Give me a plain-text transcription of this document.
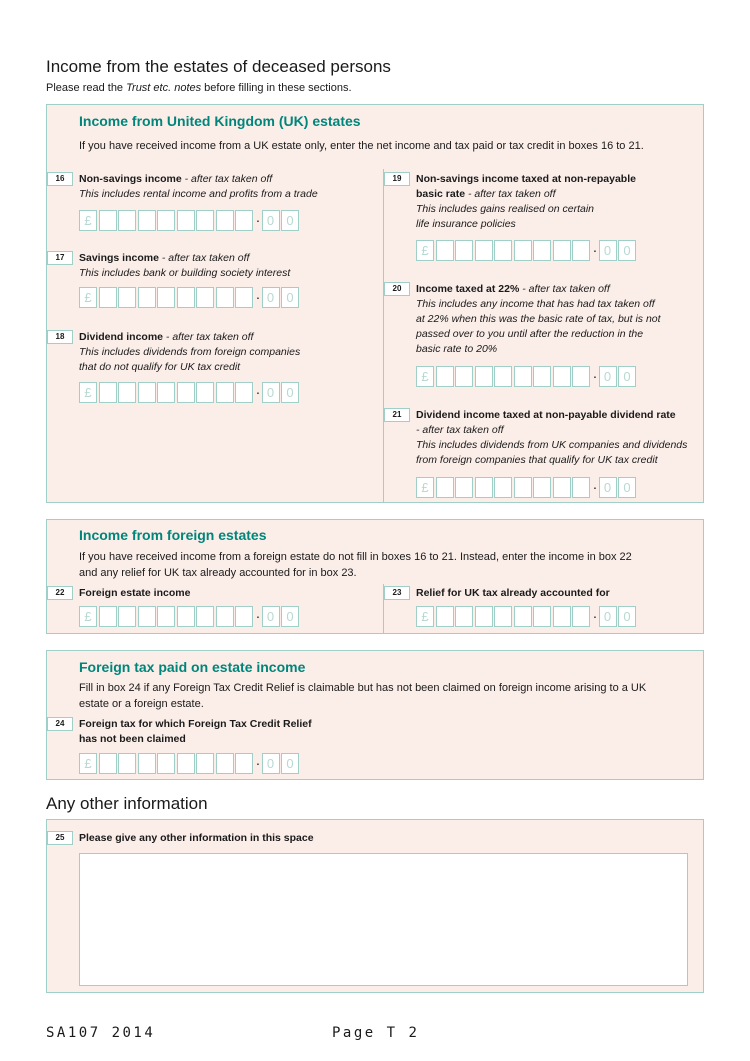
Income from the estates of deceased persons
Please read the Trust etc. notes before filling in these sections.
Income from United Kingdom (UK) estates
If you have received income from a UK estate only, enter the net income and tax paid or tax credit in boxes 16 to 21.
16	Non-savings income - after tax taken off
This includes rental income and profits from a trade
£	· 0 0
17	Savings income - after tax taken off
This includes bank or building society interest
£	· 0 0
18	Dividend income - after tax taken off
This includes dividends from foreign companies
that do not qualify for UK tax credit
£	· 0 0
19	Non-savings income taxed at non-repayable
basic rate - after tax taken off
This includes gains realised on certain
life insurance policies
£	· 0 0
20	Income taxed at 22% - after tax taken off
This includes any income that has had tax taken off
at 22% when this was the basic rate of tax, but is not
passed over to you until after the reduction in the
basic rate to 20%
£	· 0 0
21	Dividend income taxed at non-payable dividend rate
- after tax taken off
This includes dividends from UK companies and dividends
from foreign companies that qualify for UK tax credit
£	· 0 0
Income from foreign estates
If you have received income from a foreign estate do not fill in boxes 16 to 21. Instead, enter the income in box 22
and any relief for UK tax already accounted for in box 23.
22	Foreign estate income
£	· 0 0
23	Relief for UK tax already accounted for
£	· 0 0
Foreign tax paid on estate income
Fill in box 24 if any Foreign Tax Credit Relief is claimable but has not been claimed on foreign income arising to a UK
estate or a foreign estate.
24	Foreign tax for which Foreign Tax Credit Relief
has not been claimed
£	· 0 0
Any other information
25	Please give any other information in this space
SA107 2014	Page T 2
